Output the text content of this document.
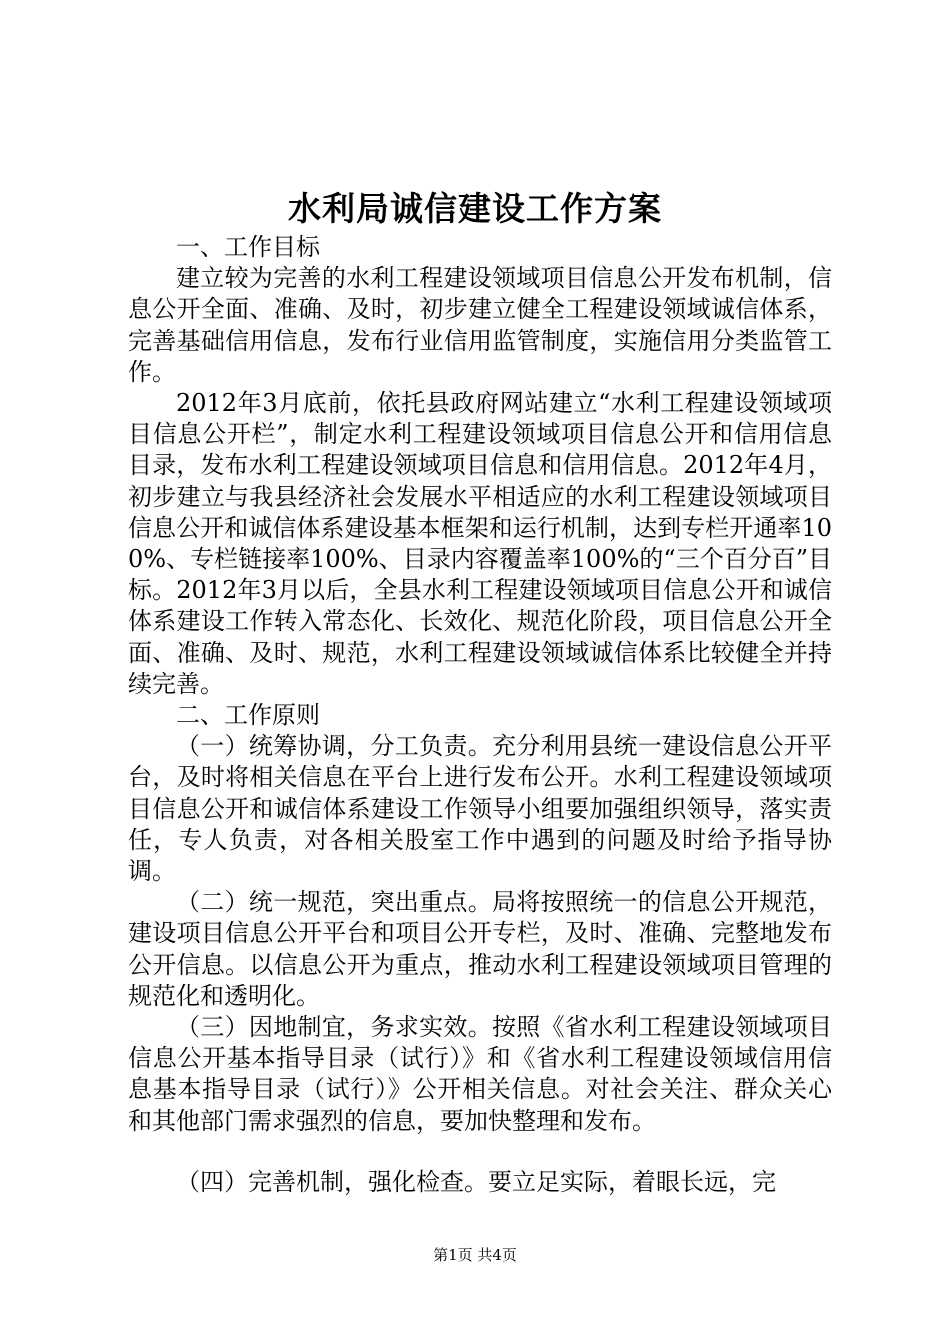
水利局诚信建设工作方案

一、工作目标

建立较为完善的水利工程建设领域项目信息公开发布机制，信息公开全面、准确、及时，初步建立健全工程建设领域诚信体系，完善基础信用信息，发布行业信用监管制度，实施信用分类监管工作。

2012年3月底前，依托县政府网站建立“水利工程建设领域项目信息公开栏”，制定水利工程建设领域项目信息公开和信用信息目录，发布水利工程建设领域项目信息和信用信息。2012年4月，初步建立与我县经济社会发展水平相适应的水利工程建设领域项目信息公开和诚信体系建设基本框架和运行机制，达到专栏开通率100%、专栏链接率100%、目录内容覆盖率100%的“三个百分百”目标。2012年3月以后，全县水利工程建设领域项目信息公开和诚信体系建设工作转入常态化、长效化、规范化阶段，项目信息公开全面、准确、及时、规范，水利工程建设领域诚信体系比较健全并持续完善。

二、工作原则

（一）统筹协调，分工负责。充分利用县统一建设信息公开平台，及时将相关信息在平台上进行发布公开。水利工程建设领域项目信息公开和诚信体系建设工作领导小组要加强组织领导，落实责任，专人负责，对各相关股室工作中遇到的问题及时给予指导协调。

（二）统一规范，突出重点。局将按照统一的信息公开规范，建设项目信息公开平台和项目公开专栏，及时、准确、完整地发布公开信息。以信息公开为重点，推动水利工程建设领域项目管理的规范化和透明化。

（三）因地制宜，务求实效。按照《省水利工程建设领域项目信息公开基本指导目录（试行）》和《省水利工程建设领域信用信息基本指导目录（试行）》公开相关信息。对社会关注、群众关心和其他部门需求强烈的信息，要加快整理和发布。

（四）完善机制，强化检查。要立足实际，着眼长远，完

第1页 共4页
